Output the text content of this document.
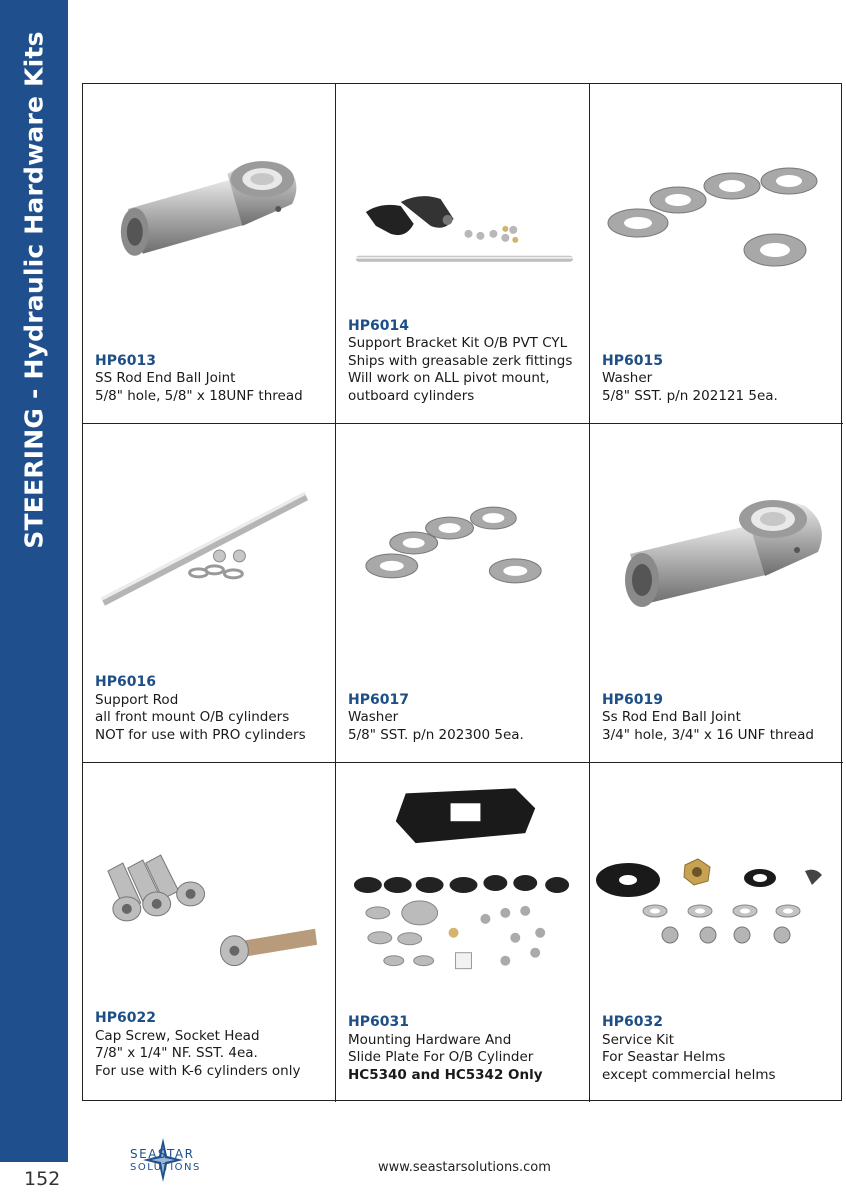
STEERING - Hydraulic Hardware Kits
152
HP6013
SS Rod End Ball Joint
5/8" hole, 5/8" x 18UNF thread
HP6014
Support Bracket Kit O/B PVT CYL
Ships with greasable zerk fittings
Will work on ALL pivot mount,
outboard cylinders
HP6015
Washer
5/8" SST. p/n 202121 5ea.
HP6016
Support Rod
all front mount O/B cylinders
NOT for use with PRO cylinders
HP6017
Washer
5/8" SST. p/n 202300 5ea.
HP6019
Ss Rod End Ball Joint
3/4" hole, 3/4" x 16 UNF thread
HP6022
Cap Screw, Socket Head
7/8" x 1/4" NF. SST. 4ea.
For use with K-6 cylinders only
HP6031
Mounting Hardware And
Slide Plate For O/B Cylinder
HC5340 and HC5342 Only
HP6032
Service Kit
For Seastar Helms
except commercial helms
SEASTAR
SOLUTIONS	www.seastarsolutions.com
